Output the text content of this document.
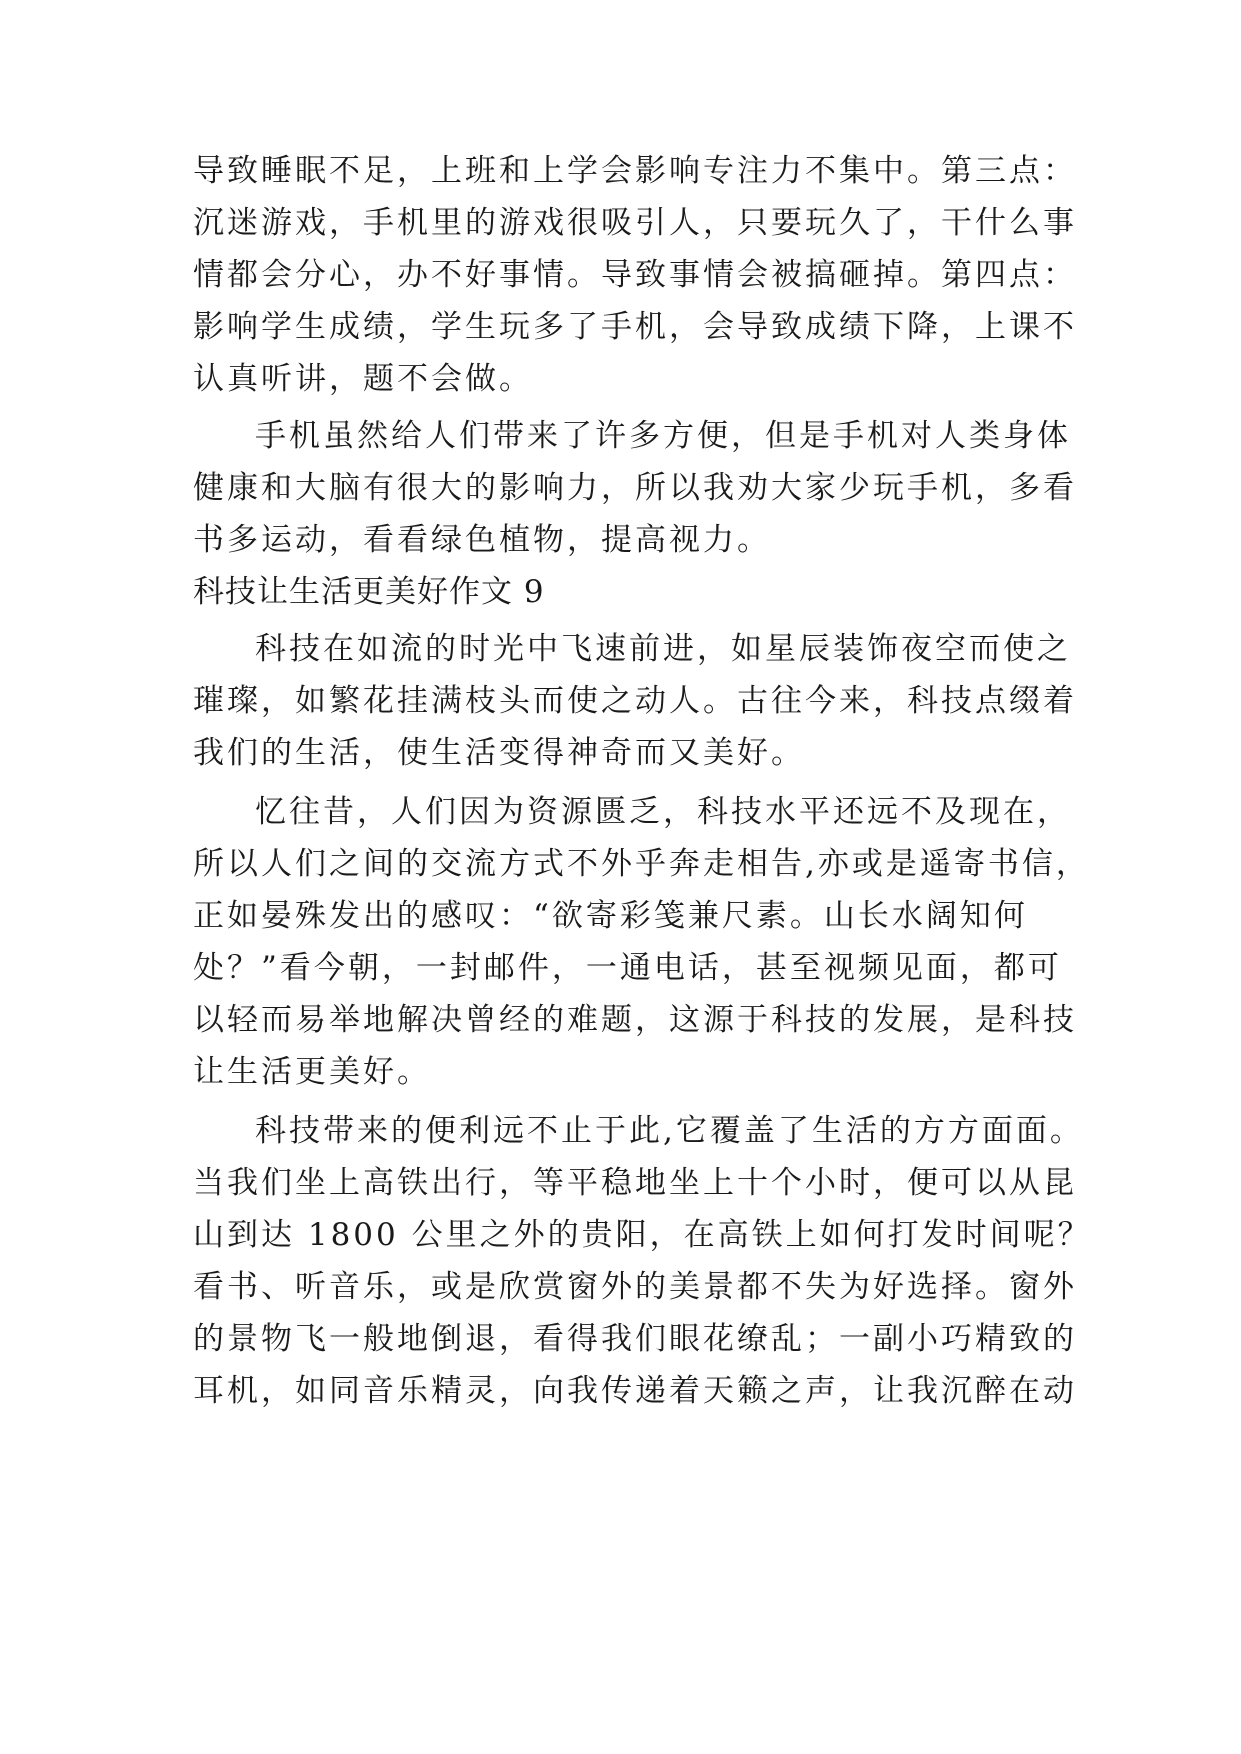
导致睡眠不足，上班和上学会影响专注力不集中。第三点：
沉迷游戏，手机里的游戏很吸引人，只要玩久了，干什么事
情都会分心，办不好事情。导致事情会被搞砸掉。第四点：
影响学生成绩，学生玩多了手机，会导致成绩下降，上课不
认真听讲，题不会做。
手机虽然给人们带来了许多方便，但是手机对人类身体
健康和大脑有很大的影响力，所以我劝大家少玩手机，多看
书多运动，看看绿色植物，提高视力。
科技让生活更美好作文 9
科技在如流的时光中飞速前进，如星辰装饰夜空而使之
璀璨，如繁花挂满枝头而使之动人。古往今来，科技点缀着
我们的生活，使生活变得神奇而又美好。
忆往昔，人们因为资源匮乏，科技水平还远不及现在，
所以人们之间的交流方式不外乎奔走相告,亦或是遥寄书信，
正如晏殊发出的感叹：“欲寄彩笺兼尺素。山长水阔知何
处？”看今朝，一封邮件，一通电话，甚至视频见面，都可
以轻而易举地解决曾经的难题，这源于科技的发展，是科技
让生活更美好。
科技带来的便利远不止于此,它覆盖了生活的方方面面。
当我们坐上高铁出行，等平稳地坐上十个小时，便可以从昆
山到达 1800 公里之外的贵阳，在高铁上如何打发时间呢？
看书、听音乐，或是欣赏窗外的美景都不失为好选择。窗外
的景物飞一般地倒退，看得我们眼花缭乱；一副小巧精致的
耳机，如同音乐精灵，向我传递着天籁之声，让我沉醉在动
